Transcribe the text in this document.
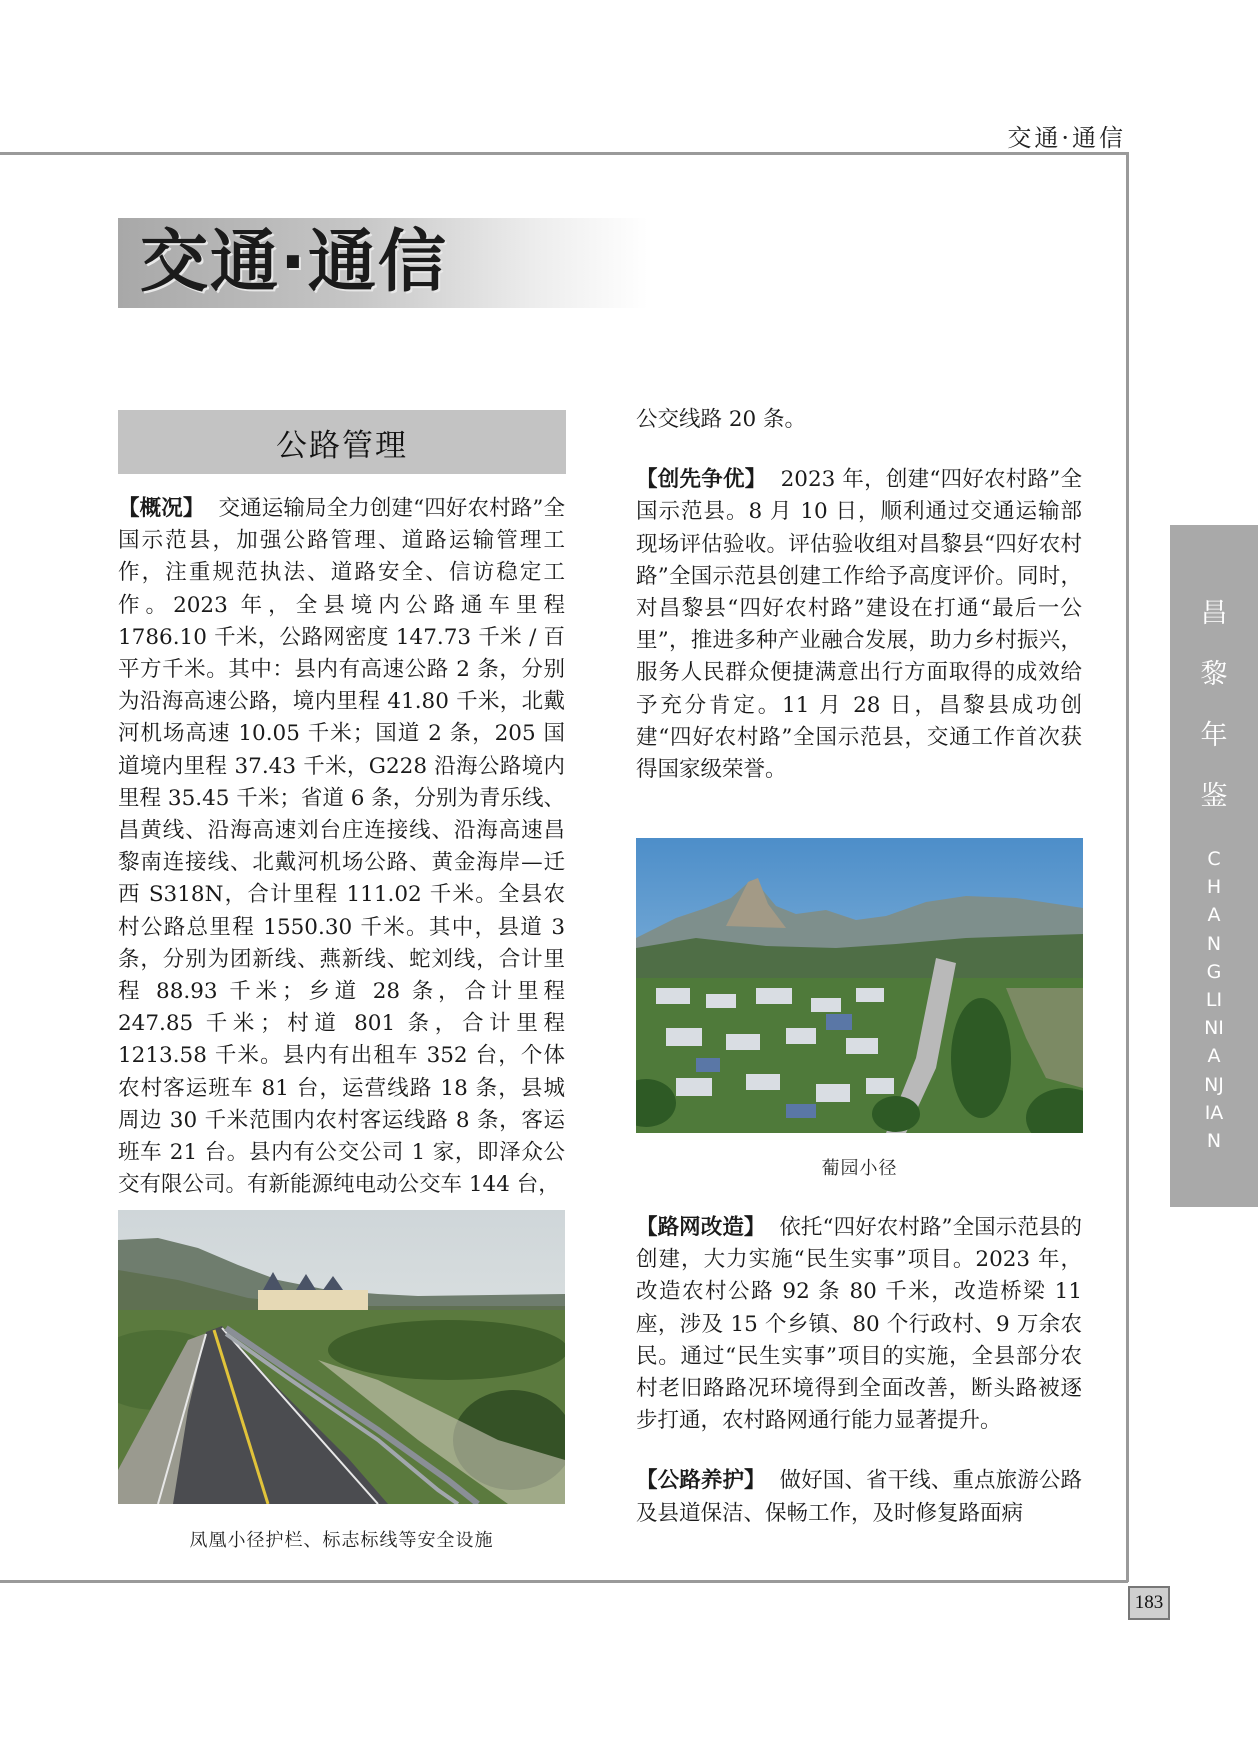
交通·通信
交通·通信
公路管理

【概况】 交通运输局全力创建“四好农村路”全国示范县，加强公路管理、道路运输管理工作，注重规范执法、道路安全、信访稳定工作。2023 年，全县境内公路通车里程 1786.10 千米，公路网密度 147.73 千米 / 百平方千米。其中：县内有高速公路 2 条，分别为沿海高速公路，境内里程 41.80 千米，北戴河机场高速 10.05 千米；国道 2 条，205 国道境内里程 37.43 千米，G228 沿海公路境内里程 35.45 千米；省道 6 条，分别为青乐线、昌黄线、沿海高速刘台庄连接线、沿海高速昌黎南连接线、北戴河机场公路、黄金海岸—迁西 S318N，合计里程 111.02 千米。全县农村公路总里程 1550.30 千米。其中，县道 3 条，分别为团新线、燕新线、蛇刘线，合计里程 88.93 千米；乡道 28 条，合计里程 247.85 千米；村道 801 条，合计里程 1213.58 千米。县内有出租车 352 台，个体农村客运班车 81 台，运营线路 18 条，县城周边 30 千米范围内农村客运线路 8 条，客运班车 21 台。县内有公交公司 1 家，即泽众公交有限公司。有新能源纯电动公交车 144 台，

凤凰小径护栏、标志标线等安全设施

公交线路 20 条。

【创先争优】 2023 年，创建“四好农村路”全国示范县。8 月 10 日，顺利通过交通运输部现场评估验收。评估验收组对昌黎县“四好农村路”全国示范县创建工作给予高度评价。同时，对昌黎县“四好农村路”建设在打通“最后一公里”，推进多种产业融合发展，助力乡村振兴，服务人民群众便捷满意出行方面取得的成效给予充分肯定。11 月 28 日，昌黎县成功创建“四好农村路”全国示范县，交通工作首次获得国家级荣誉。

葡园小径

【路网改造】 依托“四好农村路”全国示范县的创建，大力实施“民生实事”项目。2023 年，改造农村公路 92 条 80 千米，改造桥梁 11 座，涉及 15 个乡镇、80 个行政村、9 万余农民。通过“民生实事”项目的实施，全县部分农村老旧路路况环境得到全面改善，断头路被逐步打通，农村路网通行能力显著提升。

【公路养护】 做好国、省干线、重点旅游公路及县道保洁、保畅工作，及时修复路面病

昌
黎
年
鉴
CHANGLINIANJIAN
183
